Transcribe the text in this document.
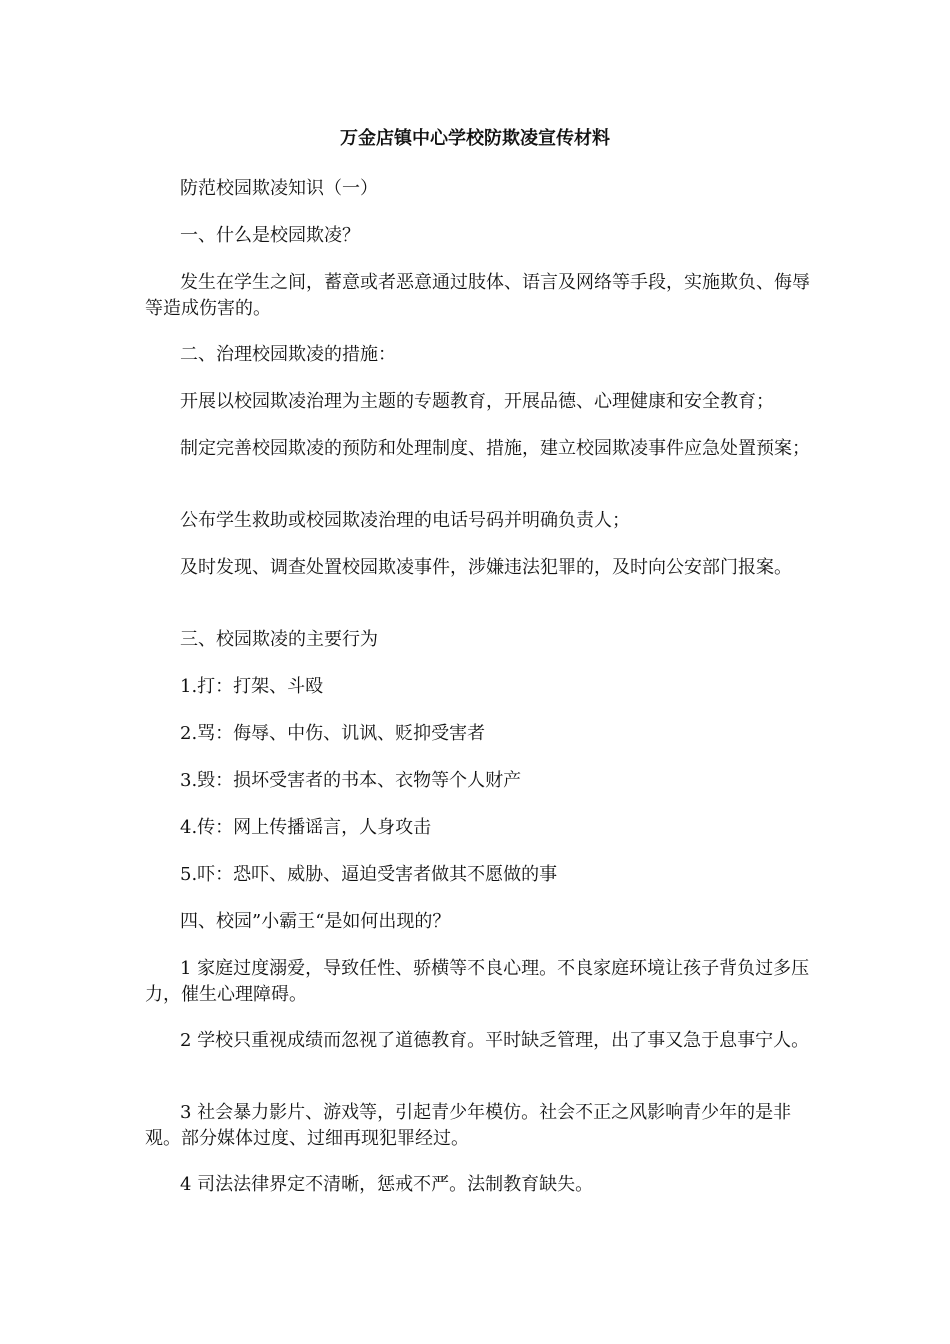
万金店镇中心学校防欺凌宣传材料
防范校园欺凌知识（一）
一、什么是校园欺凌？
发生在学生之间，蓄意或者恶意通过肢体、语言及网络等手段，实施欺负、侮辱等造成伤害的。
二、治理校园欺凌的措施：
开展以校园欺凌治理为主题的专题教育，开展品德、心理健康和安全教育；
制定完善校园欺凌的预防和处理制度、措施，建立校园欺凌事件应急处置预案；
公布学生救助或校园欺凌治理的电话号码并明确负责人；
及时发现、调查处置校园欺凌事件，涉嫌违法犯罪的，及时向公安部门报案。
三、校园欺凌的主要行为
1.打：打架、斗殴
2.骂：侮辱、中伤、讥讽、贬抑受害者
3.毁：损坏受害者的书本、衣物等个人财产
4.传：网上传播谣言，人身攻击
5.吓：恐吓、威胁、逼迫受害者做其不愿做的事
四、校园”小霸王“是如何出现的？
1 家庭过度溺爱，导致任性、骄横等不良心理。不良家庭环境让孩子背负过多压力，催生心理障碍。
2 学校只重视成绩而忽视了道德教育。平时缺乏管理，出了事又急于息事宁人。
3 社会暴力影片、游戏等，引起青少年模仿。社会不正之风影响青少年的是非观。部分媒体过度、过细再现犯罪经过。
4 司法法律界定不清晰，惩戒不严。法制教育缺失。
